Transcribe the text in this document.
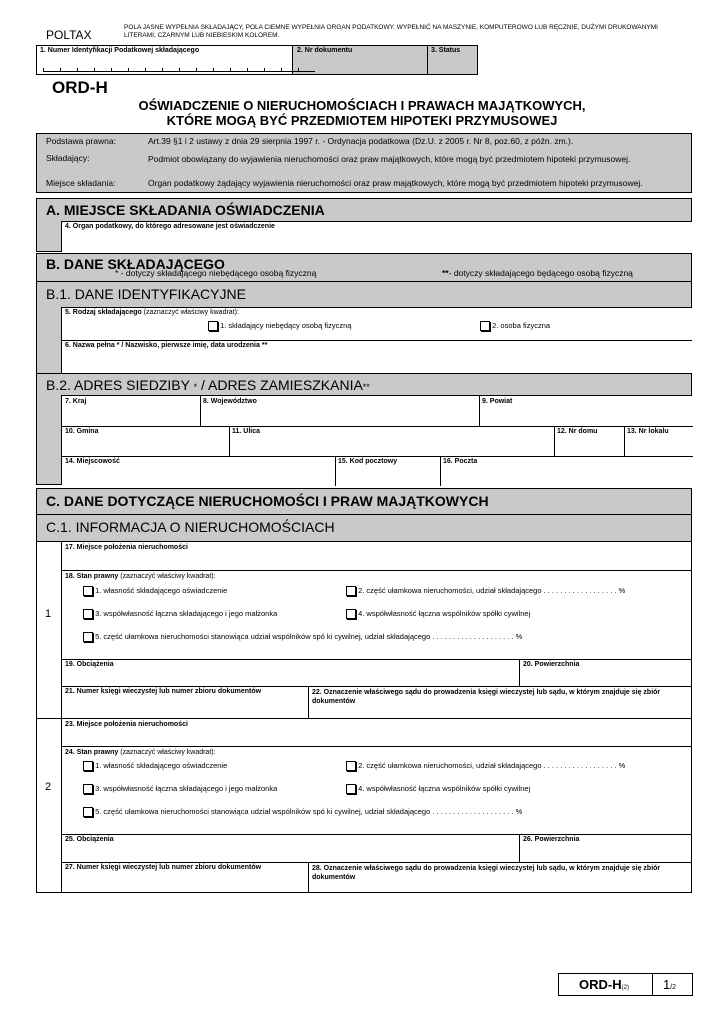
POLTAX
POLA JASNE WYPEŁNIA SKŁADAJĄCY, POLA CIEMNE WYPEŁNIA ORGAN PODATKOWY. WYPEŁNIĆ NA MASZYNIE, KOMPUTEROWO LUB RĘCZNIE, DUŻYMI DRUKOWANYMI LITERAMI, CZARNYM LUB NIEBIESKIM KOLOREM.
1. Numer Identyfikacji Podatkowej składającego	2. Nr dokumentu	3. Status
ORD-H
OŚWIADCZENIE O NIERUCHOMOŚCIACH I PRAWACH MAJĄTKOWYCH,
KTÓRE MOGĄ BYĆ PRZEDMIOTEM HIPOTEKI PRZYMUSOWEJ
Podstawa prawna:	Art.39 §1 i 2 ustawy z dnia 29 sierpnia 1997 r. - Ordynacja podatkowa (Dz.U. z 2005 r. Nr 8, poz.60, z późn. zm.).
Składający:	Podmiot obowiązany do wyjawienia nieruchomości oraz praw majątkowych, które mogą być przedmiotem hipoteki przymusowej.
Miejsce składania:	Organ podatkowy żądający wyjawienia nieruchomości oraz praw majątkowych, które mogą być przedmiotem hipoteki przymusowej.
A. MIEJSCE SKŁADANIA OŚWIADCZENIA
4. Organ podatkowy, do którego adresowane jest oświadczenie
B. DANE SKŁADAJĄCEGO
* - dotyczy składającego niebędącego osobą fizyczną	**- dotyczy składającego będącego osobą fizyczną
B.1. DANE IDENTYFIKACYJNE
5. Rodzaj składającego (zaznaczyć właściwy kwadrat):
1. składający niebędący osobą fizyczną	2. osoba fizyczna
6. Nazwa pełna * / Nazwisko, pierwsze imię, data urodzenia **
B.2. ADRES SIEDZIBY * / ADRES ZAMIESZKANIA**
7. Kraj	8. Województwo	9. Powiat
10. Gmina	11. Ulica	12. Nr domu	13. Nr lokalu
14. Miejscowość	15. Kod pocztowy	16. Poczta
C. DANE DOTYCZĄCE NIERUCHOMOŚCI I PRAW MAJĄTKOWYCH
C.1. INFORMACJA O NIERUCHOMOŚCIACH
1
17. Miejsce położenia nieruchomości
18. Stan prawny (zaznaczyć właściwy kwadrat):
1. własność składającego oświadczenie	2. część ułamkowa nieruchomości, udział składającego . . . . . . . . . . . . . . . . . . %
3. współwłasność łączna składającego i jego małżonka	4. współwłasność łączna wspólników spółki cywilnej
5. część ułamkowa nieruchomości stanowiąca udział wspólników spó ki cywilnej, udział składającego . . . . . . . . . . . . . . . . . . . . %
19. Obciążenia	20. Powierzchnia
21. Numer księgi wieczystej lub numer zbioru dokumentów	22. Oznaczenie właściwego sądu do prowadzenia księgi wieczystej lub sądu, w którym znajduje się zbiór dokumentów
2
23. Miejsce położenia nieruchomości
24. Stan prawny (zaznaczyć właściwy kwadrat):
1. własność składającego oświadczenie	2. część ułamkowa nieruchomości, udział składającego . . . . . . . . . . . . . . . . . . %
3. współwłasność łączna składającego i jego małżonka	4. współwłasność łączna wspólników spółki cywilnej
5. część ułamkowa nieruchomości stanowiąca udział wspólników spó ki cywilnej, udział składającego . . . . . . . . . . . . . . . . . . . . %
25. Obciążenia	26. Powierzchnia
27. Numer księgi wieczystej lub numer zbioru dokumentów	28. Oznaczenie właściwego sądu do prowadzenia księgi wieczystej lub sądu, w którym znajduje się zbiór dokumentów
ORD-H(2)	1/2
